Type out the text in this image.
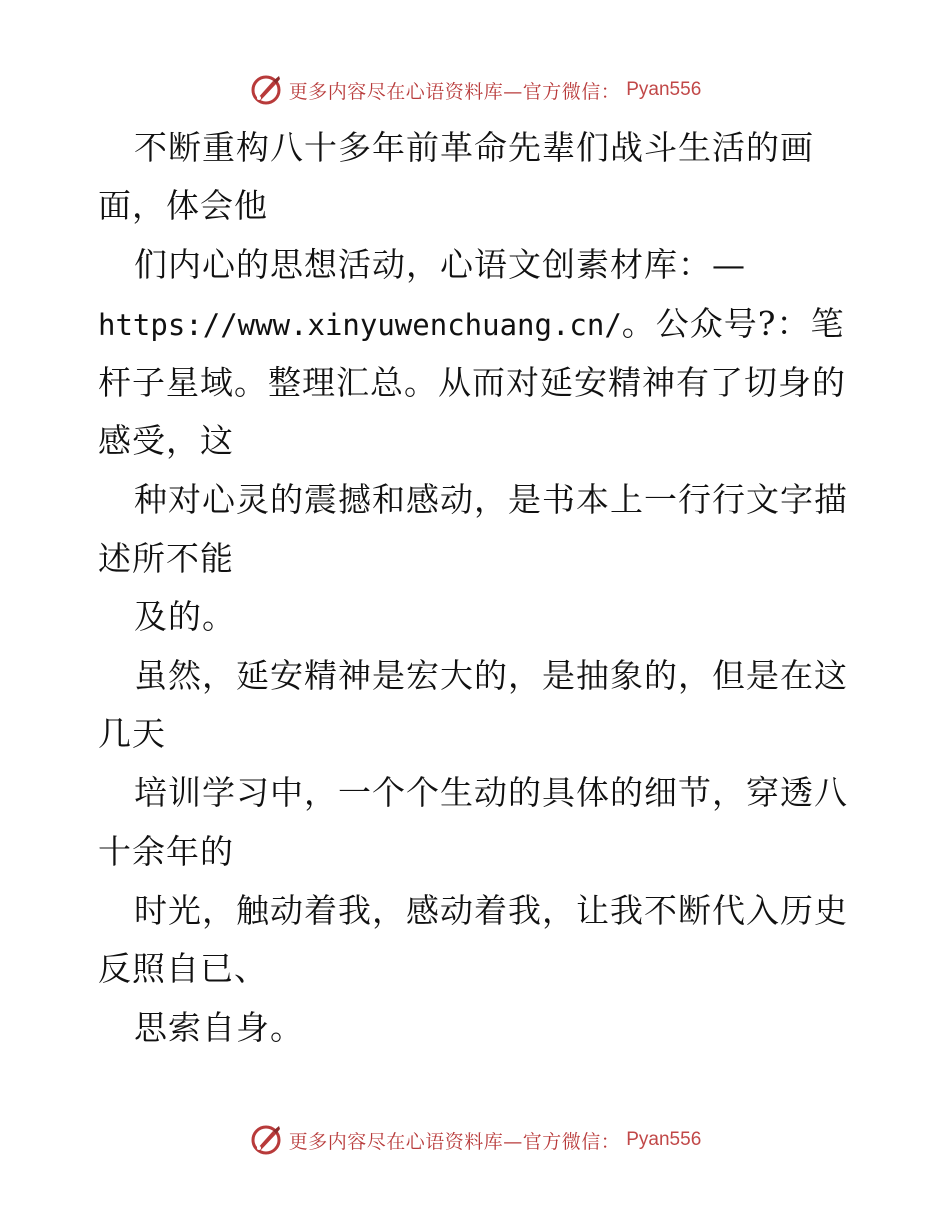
更多内容尽在心语资料库—官方微信： Pyan556
不断重构八十多年前革命先辈们战斗生活的画
面，体会他
们内心的思想活动，心语文创素材库：—
https://www.xinyuwenchuang.cn/。公众号?：笔
杆子星域。整理汇总。从而对延安精神有了切身的
感受，这
种对心灵的震撼和感动，是书本上一行行文字描
述所不能
及的。
虽然，延安精神是宏大的，是抽象的，但是在这
几天
培训学习中，一个个生动的具体的细节，穿透八
十余年的
时光，触动着我，感动着我，让我不断代入历史
反照自已、
思索自身。
更多内容尽在心语资料库—官方微信： Pyan556
